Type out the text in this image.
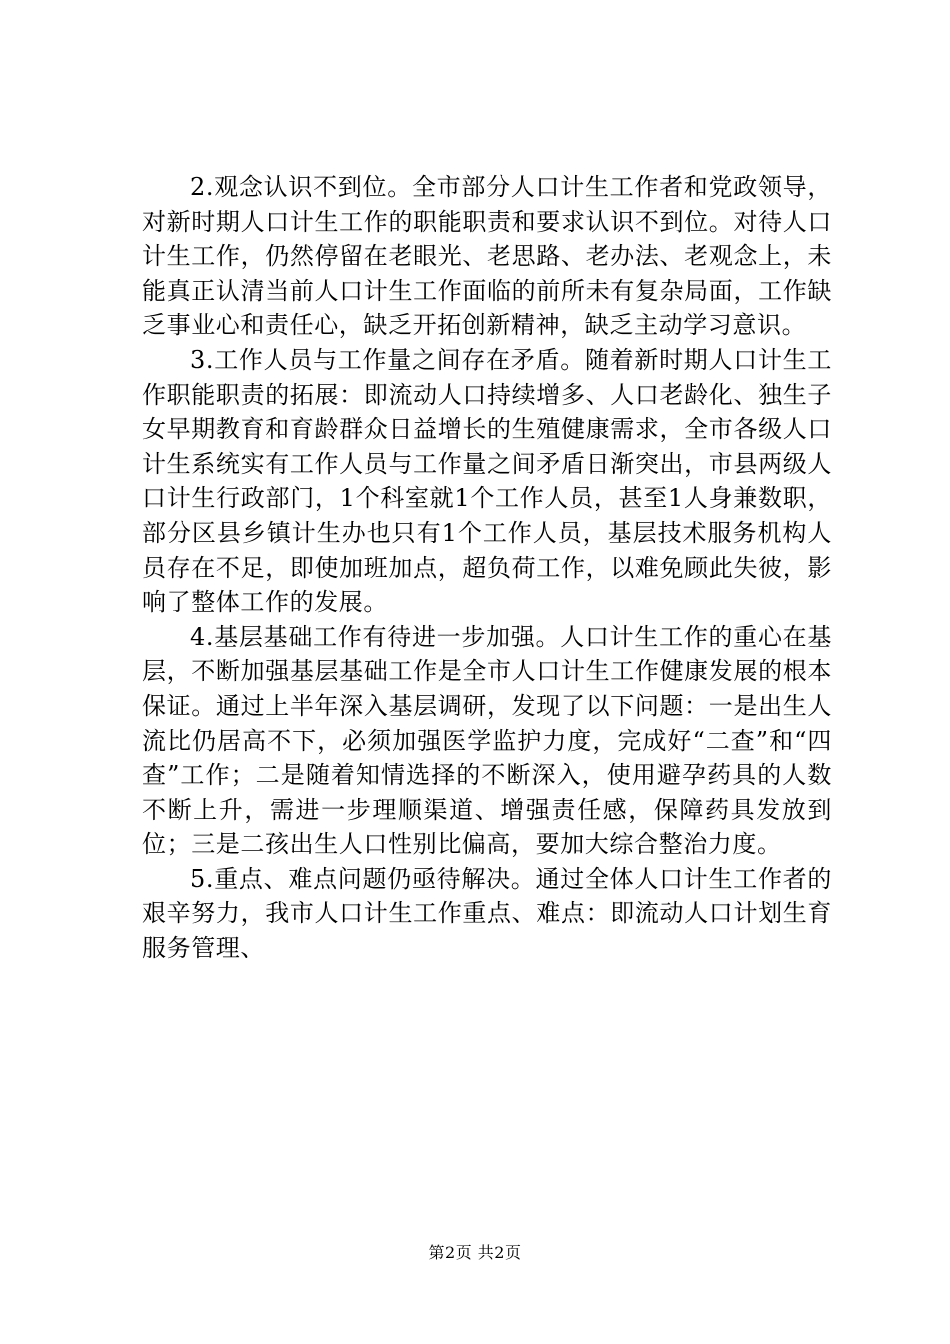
2.观念认识不到位。全市部分人口计生工作者和党政领导，对新时期人口计生工作的职能职责和要求认识不到位。对待人口计生工作，仍然停留在老眼光、老思路、老办法、老观念上，未能真正认清当前人口计生工作面临的前所未有复杂局面，工作缺乏事业心和责任心，缺乏开拓创新精神，缺乏主动学习意识。

3.工作人员与工作量之间存在矛盾。随着新时期人口计生工作职能职责的拓展：即流动人口持续增多、人口老龄化、独生子女早期教育和育龄群众日益增长的生殖健康需求，全市各级人口计生系统实有工作人员与工作量之间矛盾日渐突出，市县两级人口计生行政部门，1个科室就1个工作人员，甚至1人身兼数职，部分区县乡镇计生办也只有1个工作人员，基层技术服务机构人员存在不足，即使加班加点，超负荷工作，以难免顾此失彼，影响了整体工作的发展。

4.基层基础工作有待进一步加强。人口计生工作的重心在基层，不断加强基层基础工作是全市人口计生工作健康发展的根本保证。通过上半年深入基层调研，发现了以下问题：一是出生人流比仍居高不下，必须加强医学监护力度，完成好“二查”和“四查”工作；二是随着知情选择的不断深入，使用避孕药具的人数不断上升，需进一步理顺渠道、增强责任感，保障药具发放到位；三是二孩出生人口性别比偏高，要加大综合整治力度。

5.重点、难点问题仍亟待解决。通过全体人口计生工作者的艰辛努力，我市人口计生工作重点、难点：即流动人口计划生育服务管理、

第2页 共2页
